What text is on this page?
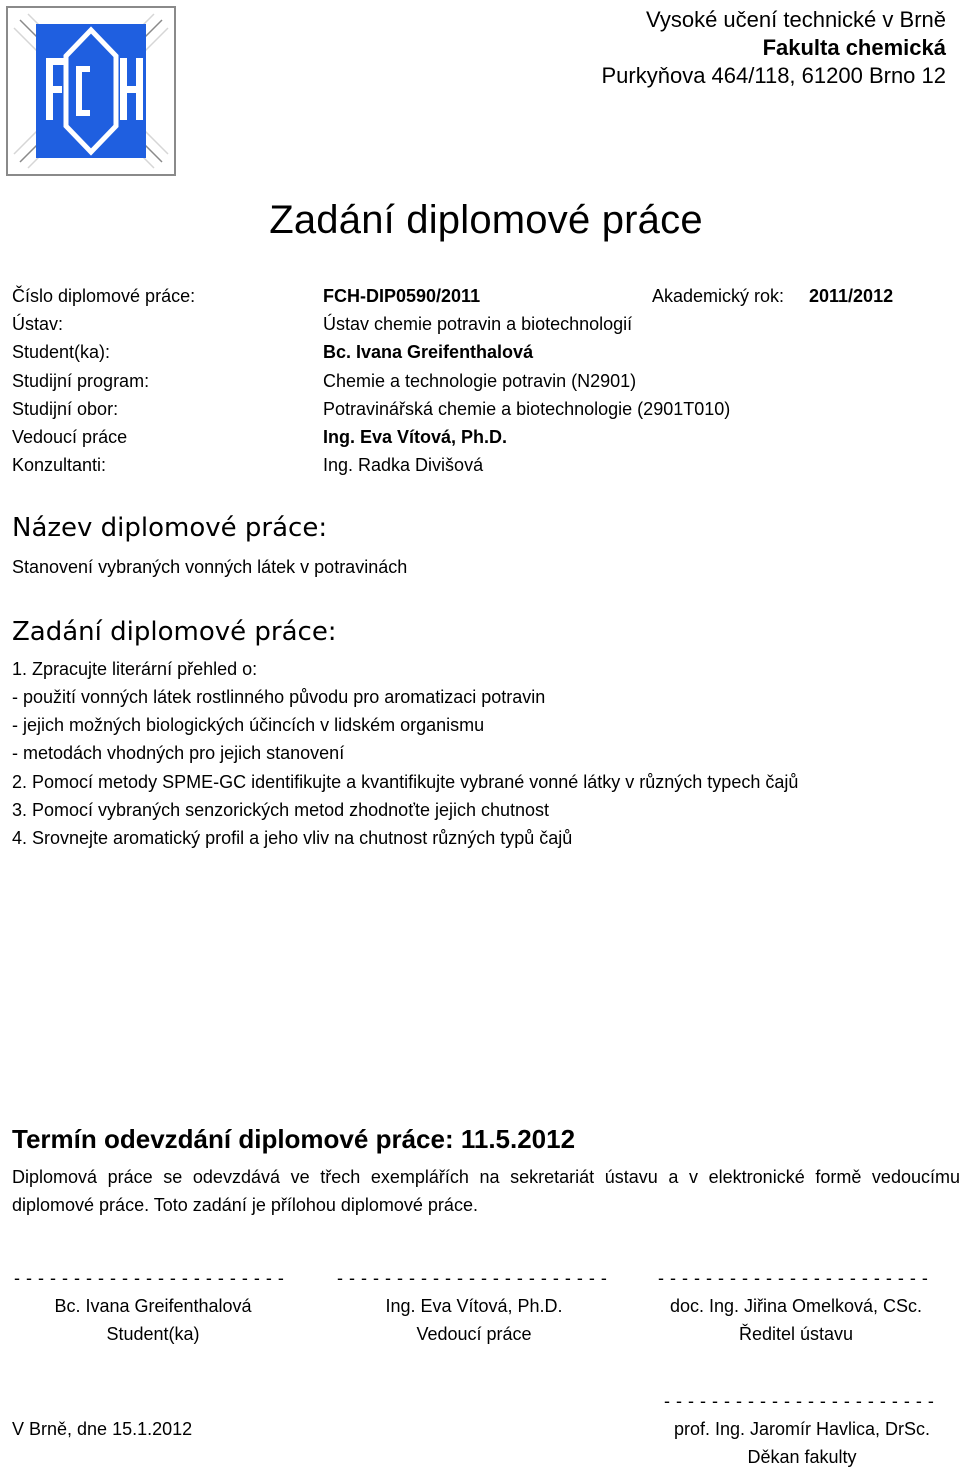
Vysoké učení technické v Brně
Fakulta chemická
Purkyňova 464/118, 61200 Brno 12
Zadání diplomové práce
Číslo diplomové práce:	FCH-DIP0590/2011	Akademický rok: 2011/2012
Ústav:	Ústav chemie potravin a biotechnologií
Student(ka):	Bc. Ivana Greifenthalová
Studijní program:	Chemie a technologie potravin (N2901)
Studijní obor:	Potravinářská chemie a biotechnologie (2901T010)
Vedoucí práce	Ing. Eva Vítová, Ph.D.
Konzultanti:	Ing. Radka Divišová
Název diplomové práce:
Stanovení vybraných vonných látek v potravinách
Zadání diplomové práce:
1. Zpracujte literární přehled o:
- použití vonných látek rostlinného původu pro aromatizaci potravin
- jejich možných biologických účincích v lidském organismu
- metodách vhodných pro jejich stanovení
2. Pomocí metody SPME-GC identifikujte a kvantifikujte vybrané vonné látky v různých typech čajů
3. Pomocí vybraných senzorických metod zhodnoťte jejich chutnost
4. Srovnejte aromatický profil a jeho vliv na chutnost různých typů čajů
Termín odevzdání diplomové práce: 11.5.2012
Diplomová práce se odevzdává ve třech exemplářích na sekretariát ústavu a v elektronické formě vedoucímu diplomové práce. Toto zadání je přílohou diplomové práce.
- - - - - - - - - - - - - - - - - - - - - - -	- - - - - - - - - - - - - - - - - - - - - - -	- - - - - - - - - - - - - - - - - - - - - - -
Bc. Ivana Greifenthalová
Student(ka)
Ing. Eva Vítová, Ph.D.
Vedoucí práce
doc. Ing. Jiřina Omelková, CSc.
Ředitel ústavu
- - - - - - - - - - - - - - - - - - - - - - -
V Brně, dne 15.1.2012	prof. Ing. Jaromír Havlica, DrSc.
Děkan fakulty
